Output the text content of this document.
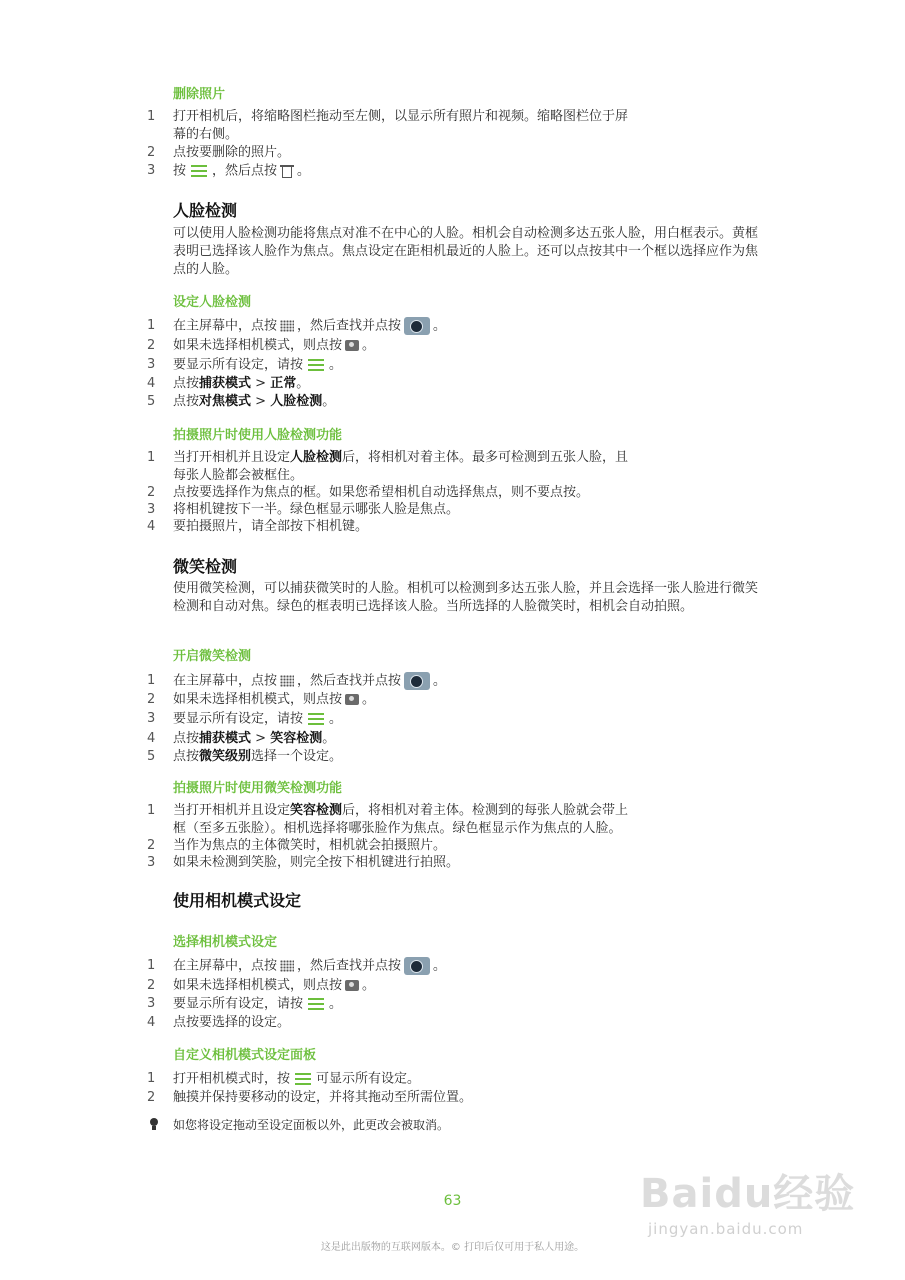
删除照片
1	打开相机后，将缩略图栏拖动至左侧，以显示所有照片和视频。缩略图栏位于屏
幕的右侧。
2	点按要删除的照片。
3	按 ，然后点按 。
人脸检测
可以使用人脸检测功能将焦点对准不在中心的人脸。相机会自动检测多达五张人脸，用白框表示。黄框表明已选择该人脸作为焦点。焦点设定在距相机最近的人脸上。还可以点按其中一个框以选择应作为焦点的人脸。
设定人脸检测
1	在主屏幕中，点按 ，然后查找并点按 。
2	如果未选择相机模式，则点按 。
3	要显示所有设定，请按 。
4	点按捕获模式 > 正常。
5	点按对焦模式 > 人脸检测。
拍摄照片时使用人脸检测功能
1	当打开相机并且设定人脸检测后，将相机对着主体。最多可检测到五张人脸，且
每张人脸都会被框住。
2	点按要选择作为焦点的框。如果您希望相机自动选择焦点，则不要点按。
3	将相机键按下一半。绿色框显示哪张人脸是焦点。
4	要拍摄照片，请全部按下相机键。
微笑检测
使用微笑检测，可以捕获微笑时的人脸。相机可以检测到多达五张人脸，并且会选择一张人脸进行微笑检测和自动对焦。绿色的框表明已选择该人脸。当所选择的人脸微笑时，相机会自动拍照。
开启微笑检测
1	在主屏幕中，点按 ，然后查找并点按 。
2	如果未选择相机模式，则点按 。
3	要显示所有设定，请按 。
4	点按捕获模式 > 笑容检测。
5	点按微笑级别选择一个设定。
拍摄照片时使用微笑检测功能
1	当打开相机并且设定笑容检测后，将相机对着主体。检测到的每张人脸就会带上
框（至多五张脸）。相机选择将哪张脸作为焦点。绿色框显示作为焦点的人脸。
2	当作为焦点的主体微笑时，相机就会拍摄照片。
3	如果未检测到笑脸，则完全按下相机键进行拍照。
使用相机模式设定
选择相机模式设定
1	在主屏幕中，点按 ，然后查找并点按 。
2	如果未选择相机模式，则点按 。
3	要显示所有设定，请按 。
4	点按要选择的设定。
自定义相机模式设定面板
1	打开相机模式时，按 可显示所有设定。
2	触摸并保持要移动的设定，并将其拖动至所需位置。
如您将设定拖动至设定面板以外，此更改会被取消。
63
这是此出版物的互联网版本。© 打印后仅可用于私人用途。
Baidu经验
jingyan.baidu.com
